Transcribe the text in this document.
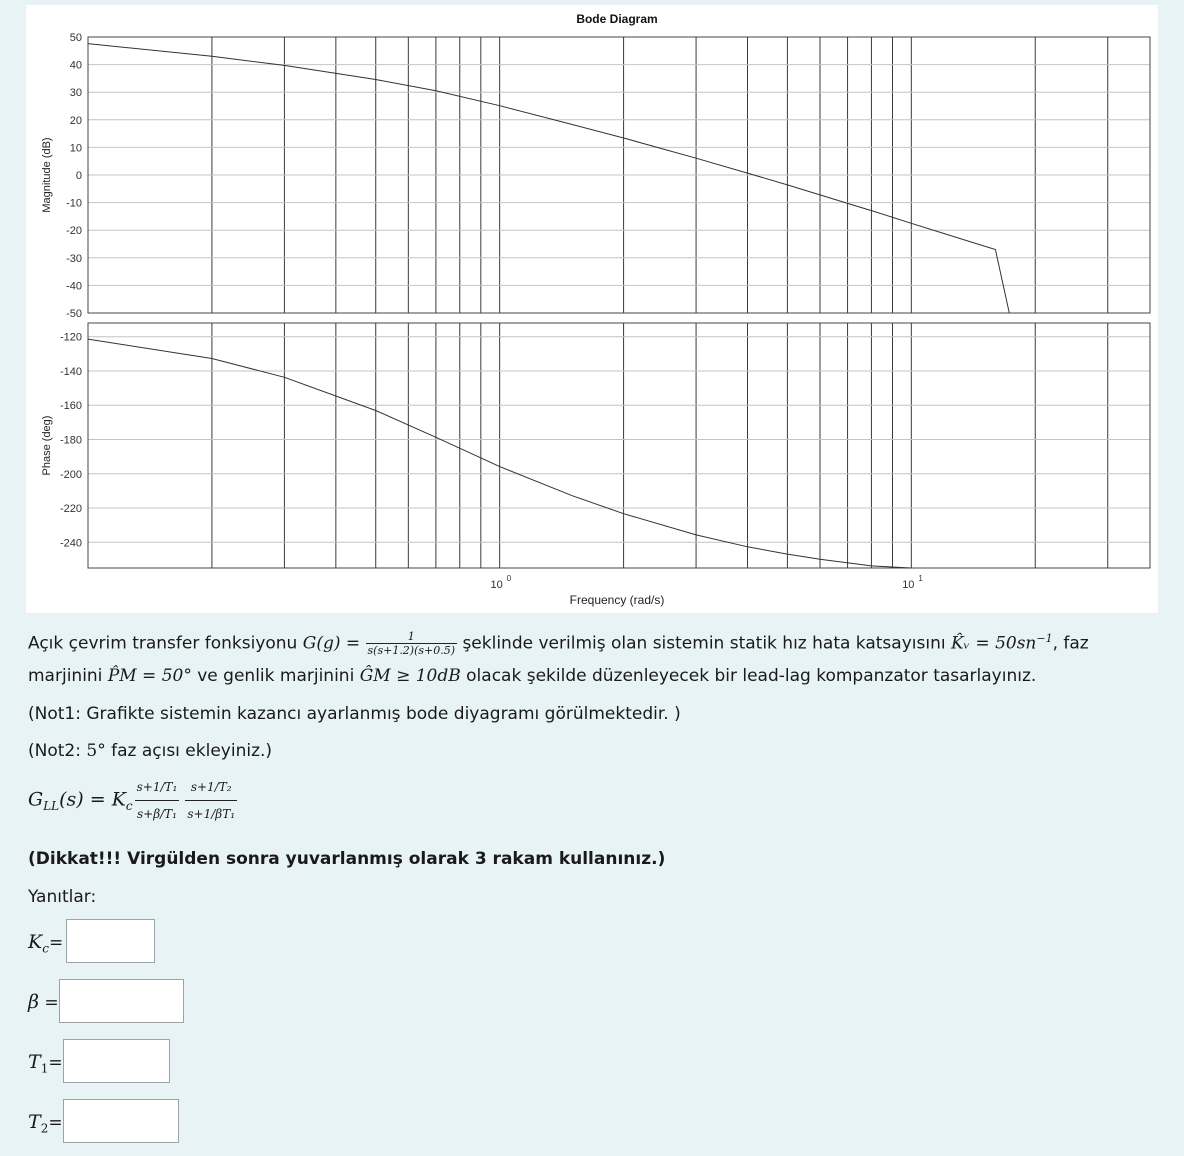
Bode Diagram
50
40
30
20
10
0
-10
-20
-30
-40
-50
Magnitude (dB)
-120
-140
-160
-180
-200
-220
-240
Phase (deg)
10
0
10
1
Frequency (rad/s)
Açık çevrim transfer fonksiyonu $G(g) = \frac{1}{s(s+1.2)(s+0.5)}$ şeklinde verilmiş olan sistemin statik hız hata katsayısını K̂ᵥ = $50sn^{-1}$, faz
marjinini P̂M = 50° ve genlik marjinini ĜM ≥ 10dB olacak şekilde düzenleyecek bir lead-lag kompanzator tasarlayınız.
(Not1: Grafikte sistemin kazancı ayarlanmış bode diyagramı görülmektedir. )
(Not2: 5° faz açısı ekleyiniz.)
$G_{LL}(s) = K_c \frac{\text{s+1/T₁}}{\text{s+β/T₁}} \frac{\text{s+1/T₂}}{\text{s+1/βT₁}}$
(Dikkat!!! Virgülden sonra yuvarlanmış olarak 3 rakam kullanınız.)
Yanıtlar:
$K_c=$
β =
$T_1=$
$T_2=$
